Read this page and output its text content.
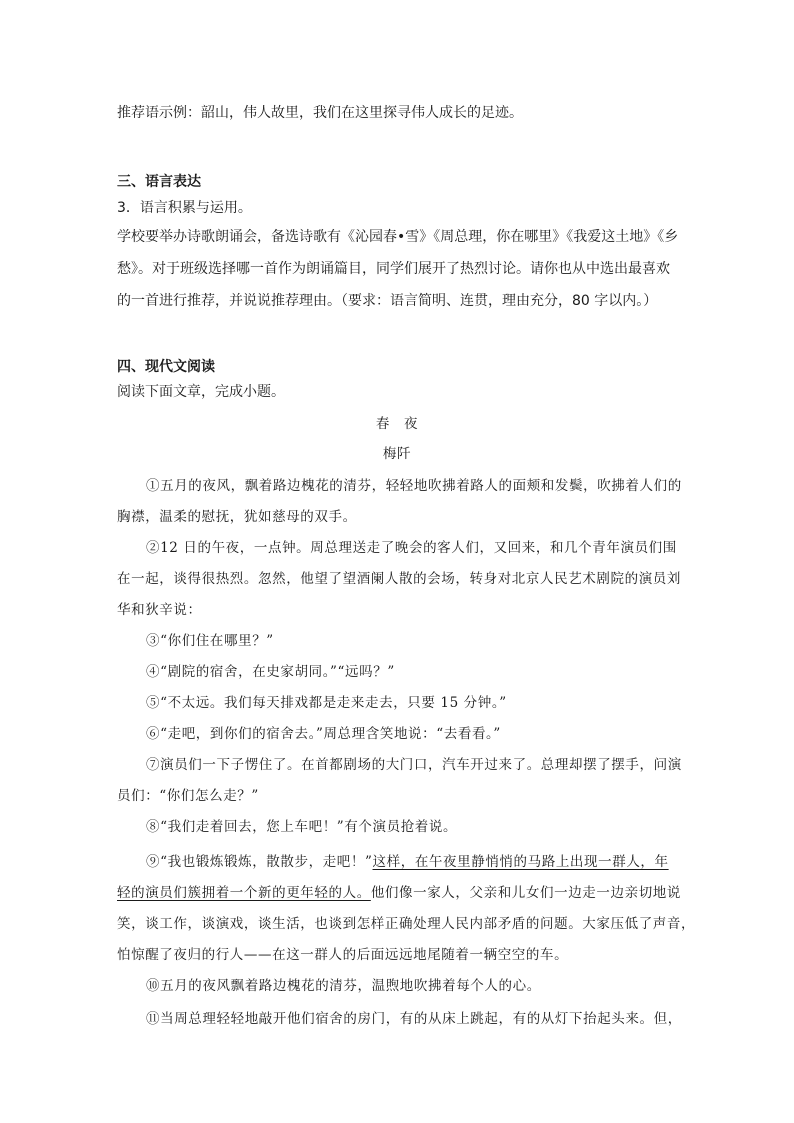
推荐语示例：韶山，伟人故里，我们在这里探寻伟人成长的足迹。
三、语言表达
3．语言积累与运用。
学校要举办诗歌朗诵会，备选诗歌有《沁园春•雪》《周总理，你在哪里》《我爱这土地》《乡
愁》。对于班级选择哪一首作为朗诵篇目，同学们展开了热烈讨论。请你也从中选出最喜欢
的一首进行推荐，并说说推荐理由。（要求：语言简明、连贯，理由充分，80 字以内。）
四、现代文阅读
阅读下面文章，完成小题。
春　夜
梅阡
①五月的夜风，飘着路边槐花的清芬，轻轻地吹拂着路人的面颊和发鬓，吹拂着人们的
胸襟，温柔的慰抚，犹如慈母的双手。
②12 日的午夜，一点钟。周总理送走了晚会的客人们，又回来，和几个青年演员们围
在一起，谈得很热烈。忽然，他望了望酒阑人散的会场，转身对北京人民艺术剧院的演员刘
华和狄辛说：
③“你们住在哪里？”
④“剧院的宿舍，在史家胡同。”“远吗？”
⑤“不太远。我们每天排戏都是走来走去，只要 15 分钟。”
⑥“走吧，到你们的宿舍去。”周总理含笑地说：“去看看。”
⑦演员们一下子愣住了。在首都剧场的大门口，汽车开过来了。总理却摆了摆手，问演
员们：“你们怎么走？”
⑧“我们走着回去，您上车吧！”有个演员抢着说。
⑨“我也锻炼锻炼，散散步，走吧！”这样，在午夜里静悄悄的马路上出现一群人，年
轻的演员们簇拥着一个新的更年轻的人。他们像一家人，父亲和儿女们一边走一边亲切地说
笑，谈工作，谈演戏，谈生活，也谈到怎样正确处理人民内部矛盾的问题。大家压低了声音，
怕惊醒了夜归的行人——在这一群人的后面远远地尾随着一辆空空的车。
⑩五月的夜风飘着路边槐花的清芬，温煦地吹拂着每个人的心。
⑪当周总理轻轻地敲开他们宿舍的房门，有的从床上跳起，有的从灯下抬起头来。但，
